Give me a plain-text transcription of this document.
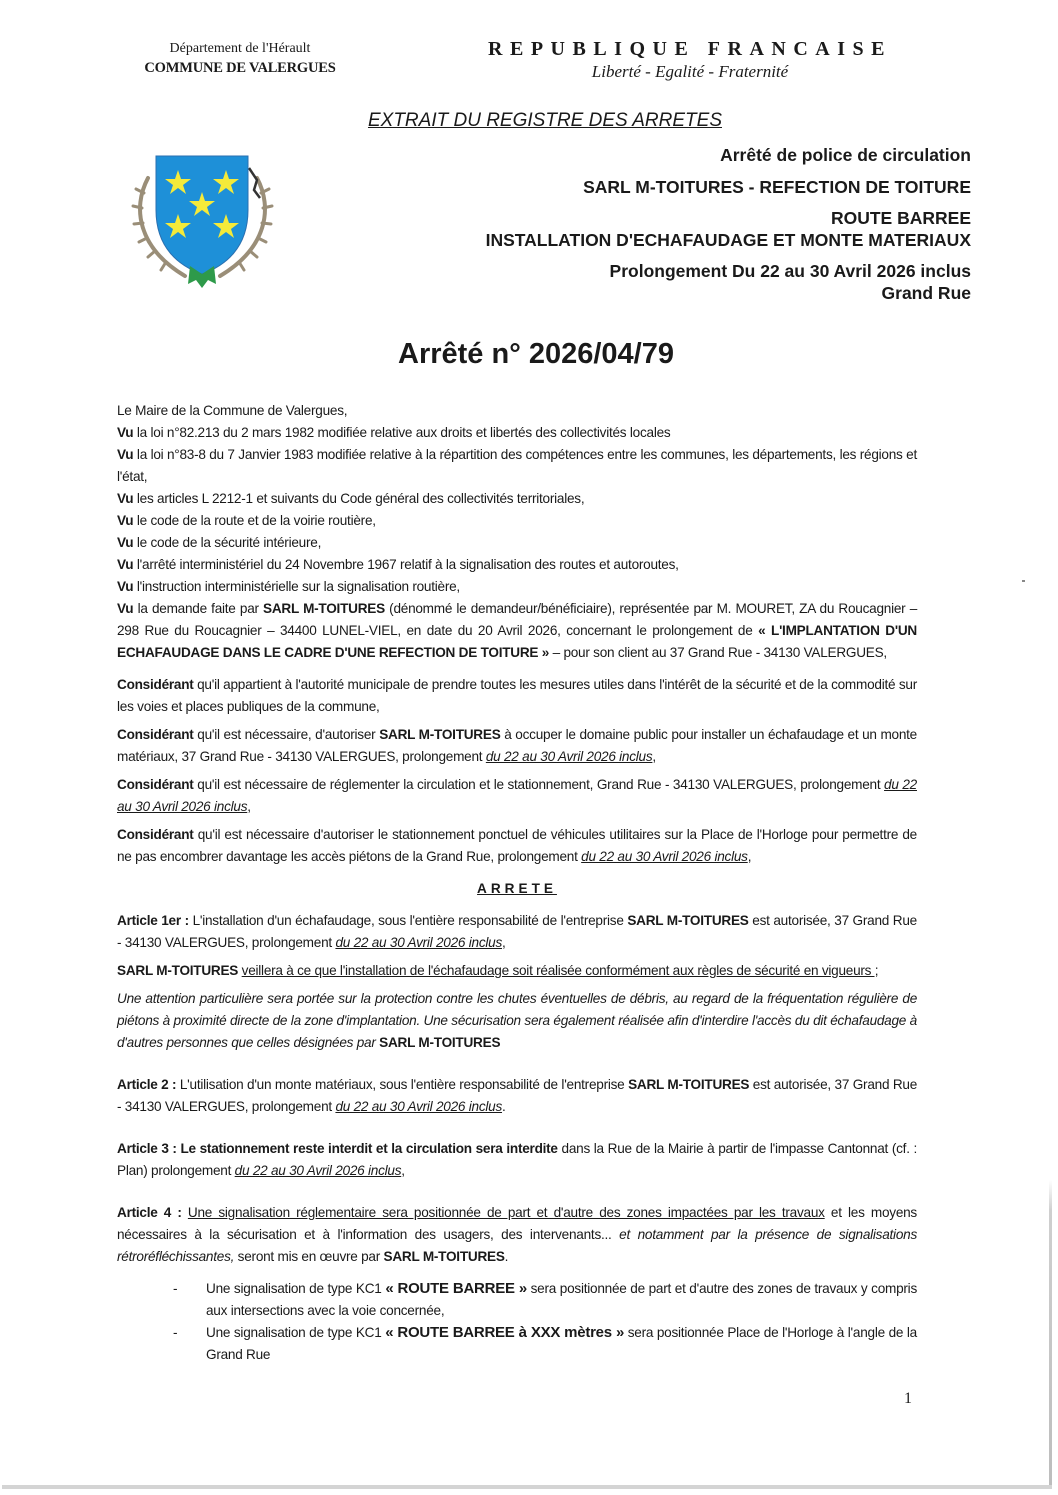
Département de l'Hérault
COMMUNE DE VALERGUES
REPUBLIQUE FRANCAISE
Liberté - Egalité - Fraternité
EXTRAIT DU REGISTRE DES ARRETES
Arrêté de police de circulation
SARL M-TOITURES - REFECTION DE TOITURE
ROUTE BARREE
INSTALLATION D'ECHAFAUDAGE ET MONTE MATERIAUX
Prolongement Du 22 au 30 Avril 2026 inclus
Grand Rue
Arrêté n° 2026/04/79

Le Maire de la Commune de Valergues,

Vu la loi n°82.213 du 2 mars 1982 modifiée relative aux droits et libertés des collectivités locales

Vu la loi n°83-8 du 7 Janvier 1983 modifiée relative à la répartition des compétences entre les communes, les départements, les régions et l'état,

Vu les articles L 2212-1 et suivants du Code général des collectivités territoriales,

Vu le code de la route et de la voirie routière,

Vu le code de la sécurité intérieure,

Vu l'arrêté interministériel du 24 Novembre 1967 relatif à la signalisation des routes et autoroutes,

Vu l'instruction interministérielle sur la signalisation routière,

Vu la demande faite par SARL M-TOITURES (dénommé le demandeur/bénéficiaire), représentée par M. MOURET, ZA du Roucagnier – 298 Rue du Roucagnier – 34400 LUNEL-VIEL, en date du 20 Avril 2026, concernant le prolongement de « L'IMPLANTATION D'UN ECHAFAUDAGE DANS LE CADRE D'UNE REFECTION DE TOITURE » – pour son client au 37 Grand Rue - 34130 VALERGUES,

Considérant qu'il appartient à l'autorité municipale de prendre toutes les mesures utiles dans l'intérêt de la sécurité et de la commodité sur les voies et places publiques de la commune,

Considérant qu'il est nécessaire, d'autoriser SARL M-TOITURES à occuper le domaine public pour installer un échafaudage et un monte matériaux, 37 Grand Rue - 34130 VALERGUES, prolongement du 22 au 30 Avril 2026 inclus,

Considérant qu'il est nécessaire de réglementer la circulation et le stationnement, Grand Rue - 34130 VALERGUES, prolongement du 22 au 30 Avril 2026 inclus,

Considérant qu'il est nécessaire d'autoriser le stationnement ponctuel de véhicules utilitaires sur la Place de l'Horloge pour permettre de ne pas encombrer davantage les accès piétons de la Grand Rue, prolongement du 22 au 30 Avril 2026 inclus,

ARRETE

Article 1er : L'installation d'un échafaudage, sous l'entière responsabilité de l'entreprise SARL M-TOITURES est autorisée, 37 Grand Rue - 34130 VALERGUES, prolongement du 22 au 30 Avril 2026 inclus,

SARL M-TOITURES veillera à ce que l'installation de l'échafaudage soit réalisée conformément aux règles de sécurité en vigueurs ;

Une attention particulière sera portée sur la protection contre les chutes éventuelles de débris, au regard de la fréquentation régulière de piétons à proximité directe de la zone d'implantation. Une sécurisation sera également réalisée afin d'interdire l'accès du dit échafaudage à d'autres personnes que celles désignées par SARL M-TOITURES

Article 2 : L'utilisation d'un monte matériaux, sous l'entière responsabilité de l'entreprise SARL M-TOITURES est autorisée, 37 Grand Rue - 34130 VALERGUES, prolongement du 22 au 30 Avril 2026 inclus.

Article 3 : Le stationnement reste interdit et la circulation sera interdite dans la Rue de la Mairie à partir de l'impasse Cantonnat (cf. : Plan) prolongement du 22 au 30 Avril 2026 inclus,

Article 4 : Une signalisation réglementaire sera positionnée de part et d'autre des zones impactées par les travaux et les moyens nécessaires à la sécurisation et à l'information des usagers, des intervenants... et notamment par la présence de signalisations rétroréfléchissantes, seront mis en œuvre par SARL M-TOITURES.

- Une signalisation de type KC1 « ROUTE BARREE » sera positionnée de part et d'autre des zones de travaux y compris aux intersections avec la voie concernée,
- Une signalisation de type KC1 « ROUTE BARREE à XXX mètres » sera positionnée Place de l'Horloge à l'angle de la Grand Rue
1
